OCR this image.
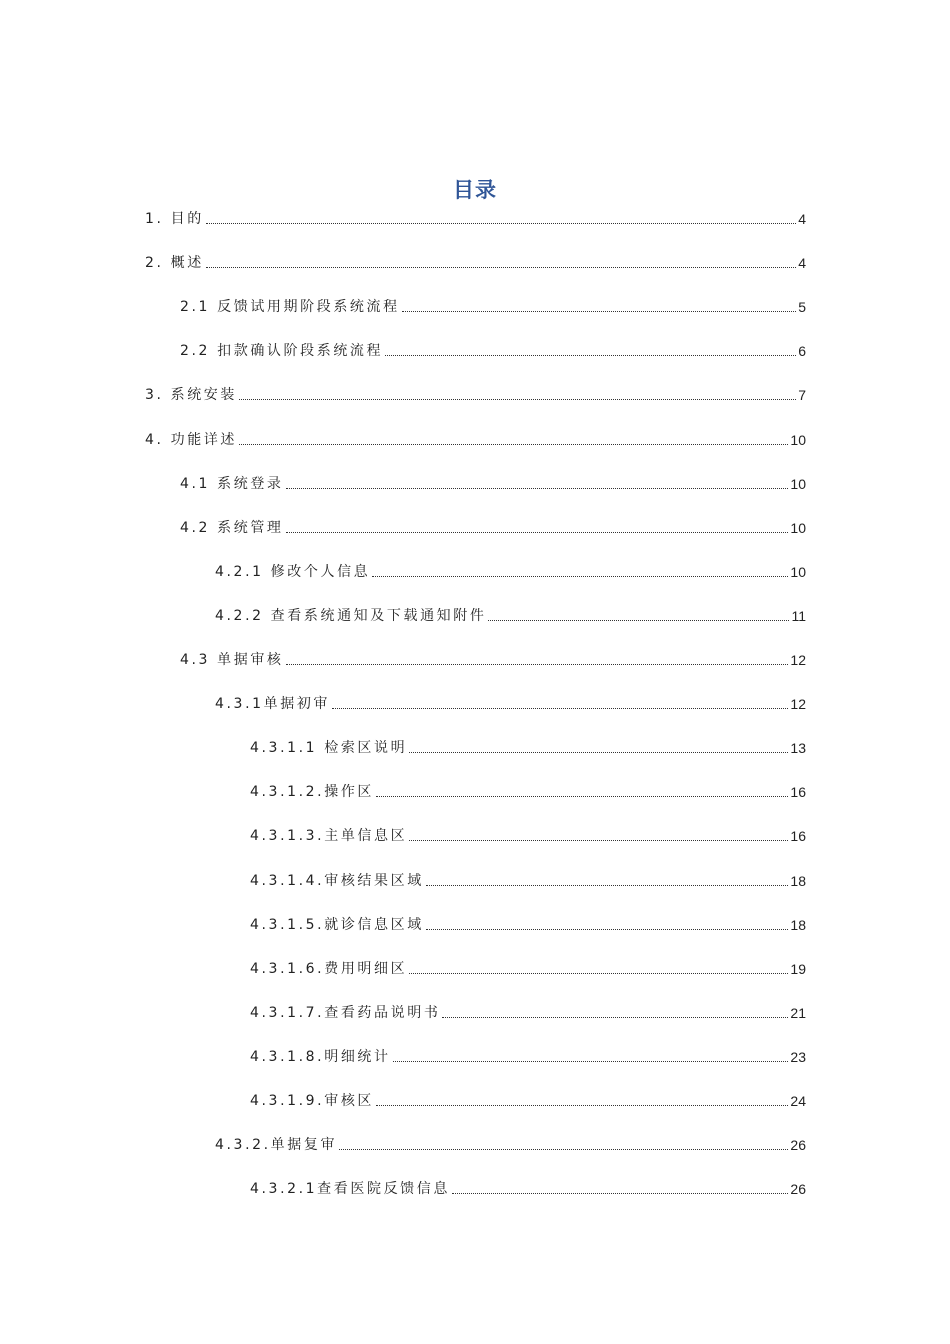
目录
1. 目的	4
2. 概述	4
2.1 反馈试用期阶段系统流程	5
2.2 扣款确认阶段系统流程	6
3. 系统安装	7
4. 功能详述	10
4.1 系统登录	10
4.2 系统管理	10
4.2.1 修改个人信息	10
4.2.2 查看系统通知及下载通知附件	11
4.3 单据审核	12
4.3.1单据初审	12
4.3.1.1 检索区说明	13
4.3.1.2.操作区	16
4.3.1.3.主单信息区	16
4.3.1.4.审核结果区域	18
4.3.1.5.就诊信息区域	18
4.3.1.6.费用明细区	19
4.3.1.7.查看药品说明书	21
4.3.1.8.明细统计	23
4.3.1.9.审核区	24
4.3.2.单据复审	26
4.3.2.1查看医院反馈信息	26
